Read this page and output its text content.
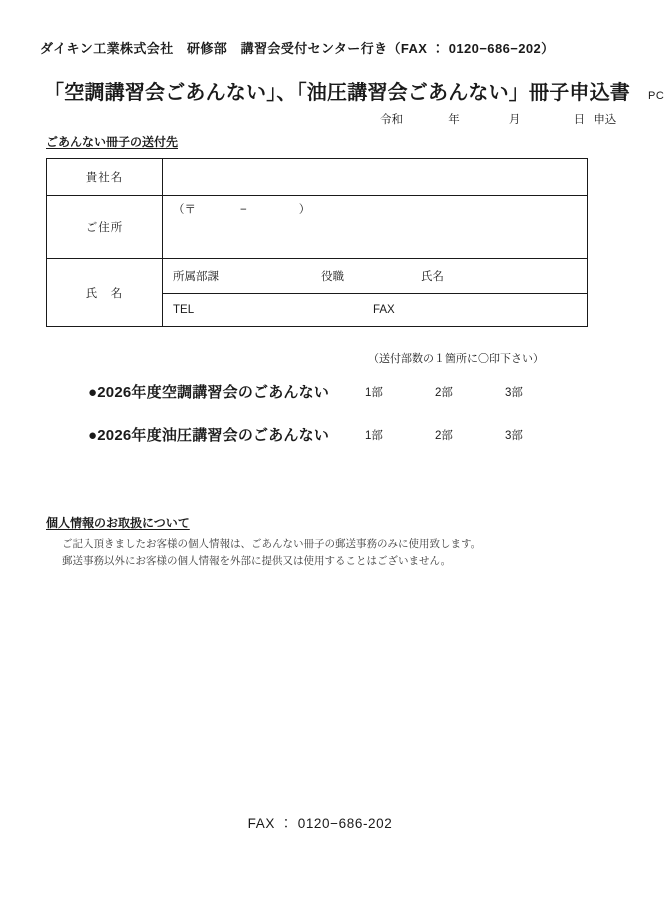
ダイキン工業株式会社　研修部　講習会受付センター行き（FAX ： 0120−686−202）
「空調講習会ごあんない」、「油圧講習会ごあんない」冊子申込書 PC
令和	年	月	日 申込
ごあんない冊子の送付先
貴社名	
ご住所	（〒 − ）

氏　名	所属部課 役職 氏名

	TEL FAX
（送付部数の１箇所に〇印下さい）
●2026年度空調講習会のごあんない	1部	2部	3部
●2026年度油圧講習会のごあんない	1部	2部	3部
個人情報のお取扱について
ご記入頂きましたお客様の個人情報は、ごあんない冊子の郵送事務のみに使用致します。
郵送事務以外にお客様の個人情報を外部に提供又は使用することはございません。
FAX ： 0120−686-202
